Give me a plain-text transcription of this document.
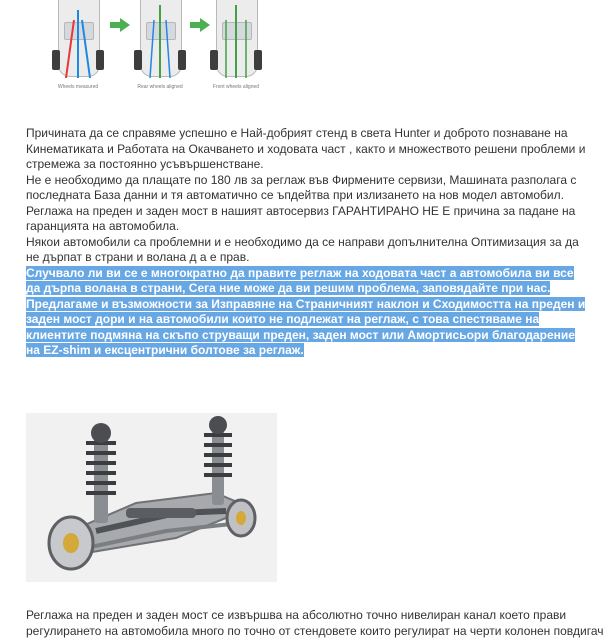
Wheels measured	Rear wheels aligned	Front wheels aligned

Причината да се справяме успешно е Най-добрият стенд в света Hunter и доброто познаване на Кинематиката и Работата на Окачването и ходовата част , както и множеството решени проблеми и стремежа за постоянно усъвършенстване.

Не е необходимо да плащате по 180 лв за реглаж във Фирмените сервизи, Машината разполага с последната База данни и тя автоматично се ъпдейтва при излизането на нов модел автомобил. Реглажа на преден и заден мост в нашият автосервиз ГАРАНТИРАНО НЕ Е причина за падане на гаранцията на автомобила.

Някои автомобили са проблемни и е необходимо да се направи допълнителна Оптимизация за да не дърпат в страни и волана д а е прав.

Случвало ли ви се е многократно да правите реглаж на ходовата част а автомобила ви все да дърпа волана в страни, Сега ние може да ви решим проблема, заповядайте при нас.

Предлагаме и възможности за Изправяне на Страничният наклон и Сходимостта на преден и заден мост дори и на автомобили които не подлежат на реглаж, с това спестяваме на клиентите подмяна на скъпо струващи преден, заден мост или Амортисьори благодарение на EZ-shim и ексцентрични болтове за реглаж.

Реглажа на преден и заден мост се извършва на абсолютно точно нивелиран канал което прави регулирането на автомобила много по точно от стендовете които регулират на черти колонен повдигач
